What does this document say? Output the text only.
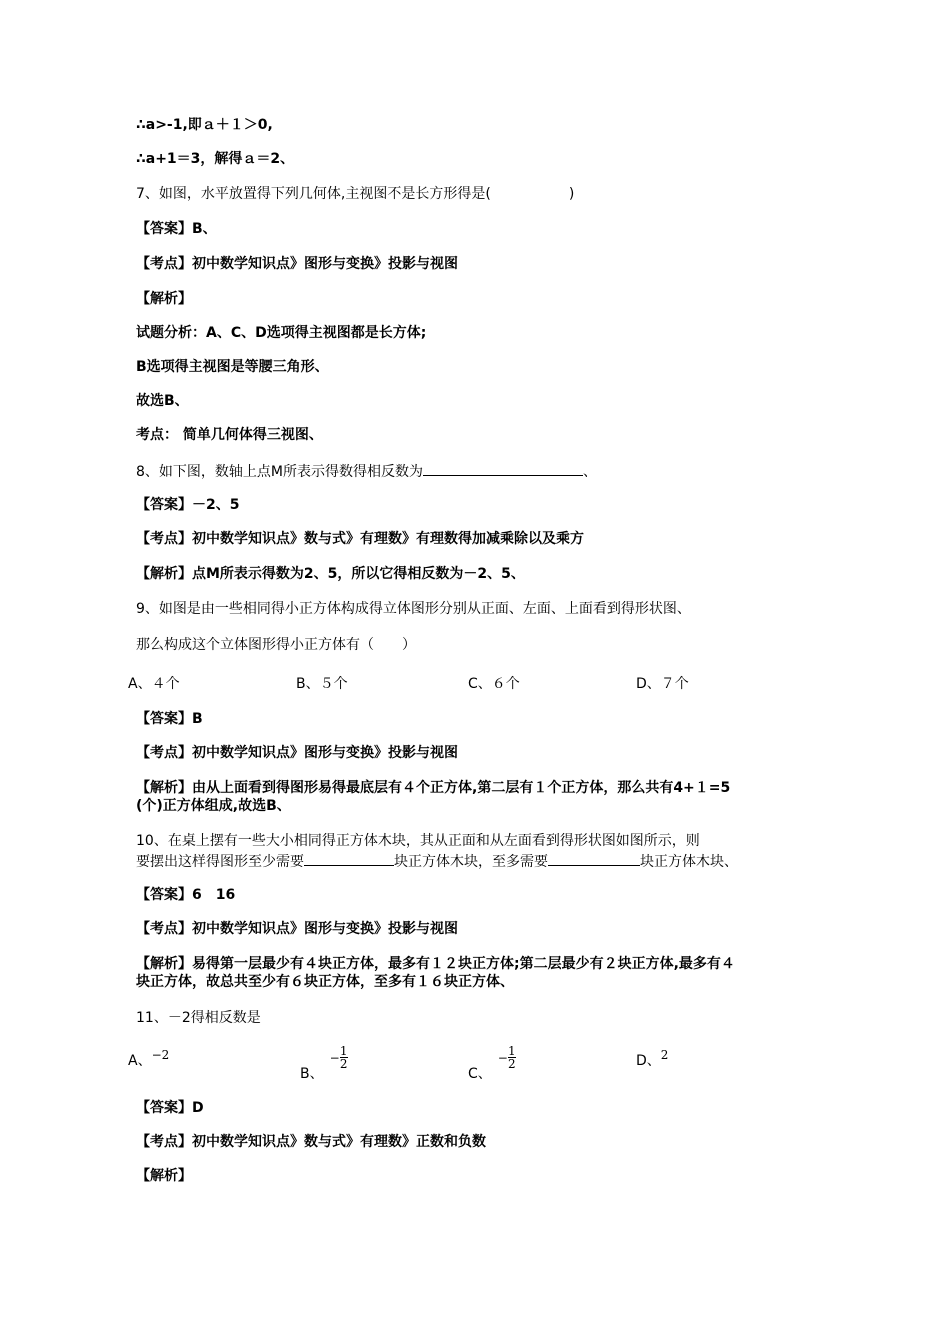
∴a>-1,即ａ＋１＞0,
∴a+1＝3，解得ａ＝2、
7、如图，水平放置得下列几何体,主视图不是长方形得是(	)
【答案】B、
【考点】初中数学知识点》图形与变换》投影与视图
【解析】
试题分析：A、C、D选项得主视图都是长方体;
B选项得主视图是等腰三角形、
故选B、
考点： 简单几何体得三视图、
8、如下图，数轴上点M所表示得数得相反数为	、
【答案】－2、5
【考点】初中数学知识点》数与式》有理数》有理数得加减乘除以及乘方
【解析】点M所表示得数为2、5，所以它得相反数为－2、5、
9、如图是由一些相同得小正方体构成得立体图形分别从正面、左面、上面看到得形状图、
那么构成这个立体图形得小正方体有（　　）
A、４个	B、５个	C、６个	D、７个
【答案】B
【考点】初中数学知识点》图形与变换》投影与视图
【解析】由从上面看到得图形易得最底层有４个正方体,第二层有１个正方体，那么共有4+１=5
(个)正方体组成,故选B、
10、在桌上摆有一些大小相同得正方体木块，其从正面和从左面看到得形状图如图所示，则
要摆出这样得图形至少需要	块正方体木块，至多需要	块正方体木块、
【答案】6　16
【考点】初中数学知识点》图形与变换》投影与视图
【解析】易得第一层最少有４块正方体，最多有１２块正方体;第二层最少有２块正方体,最多有４
块正方体，故总共至少有６块正方体，至多有１６块正方体、
11、－2得相反数是
A、−2
B、− $\frac{1}{2}$
C、− $\frac{1}{2}$	D、2
【答案】D
【考点】初中数学知识点》数与式》有理数》正数和负数
【解析】
